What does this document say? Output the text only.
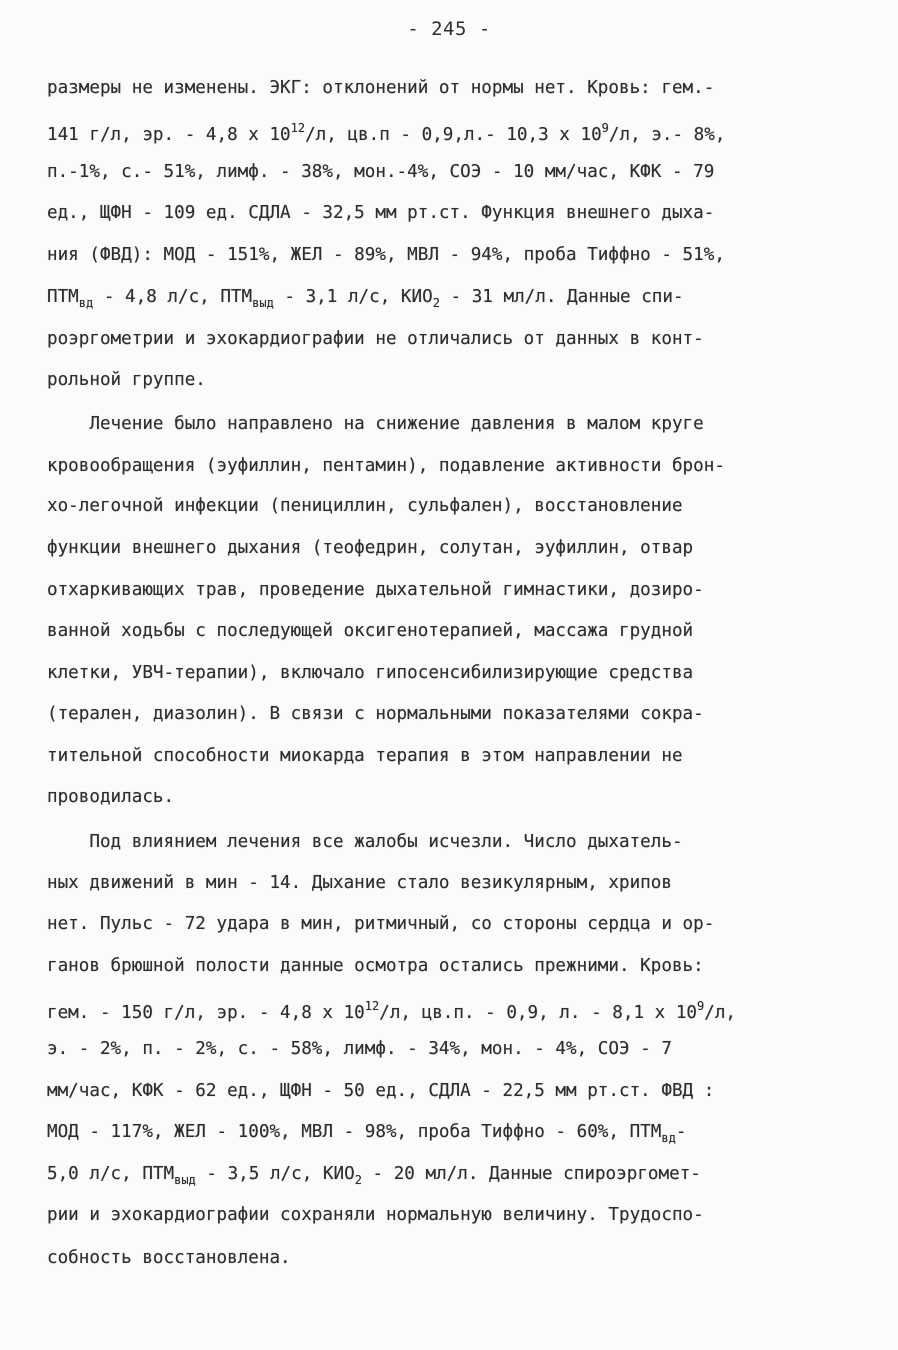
- 245 -
размеры не изменены. ЭКГ: отклонений от нормы нет. Кровь: гем.-
141 г/л, эр. - 4,8 x $10^{12}/л$, цв.п - 0,9,л.- 10,3 x $10^9/л$, э.- 8%,
п.-1%, с.- 51%, лимф. - 38%, мон.-4%, СОЭ - 10 мм/час, КФК - 79
ед., ЩФН - 109 ед. СДЛА - 32,5 мм рт.ст. Функция внешнего дыха-
ния (ФВД): МОД - 151%, ЖЕЛ - 89%, МВЛ - 94%, проба Тиффно - 51%,
$ПТМ_{вд} - 4,8$ л/с, $ПТМ_{выд} - 3,1$ л/с, $КИО_2 - 31$ мл/л. Данные спи-
роэргометрии и эхокардиографии не отличались от данных в конт-
рольной группе.
Лечение было направлено на снижение давления в малом круге
кровообращения (эуфиллин, пентамин), подавление активности брон-
хо-легочной инфекции (пенициллин, сульфален), восстановление
функции внешнего дыхания (теофедрин, солутан, эуфиллин, отвар
отхаркивающих трав, проведение дыхательной гимнастики, дозиро-
ванной ходьбы с последующей оксигенотерапией, массажа грудной
клетки, УВЧ-терапии), включало гипосенсибилизирующие средства
(терален, диазолин). В связи с нормальными показателями сокра-
тительной способности миокарда терапия в этом направлении не
проводилась.
Под влиянием лечения все жалобы исчезли. Число дыхатель-
ных движений в мин - 14. Дыхание стало везикулярным, хрипов
нет. Пульс - 72 удара в мин, ритмичный, со стороны сердца и ор-
ганов брюшной полости данные осмотра остались прежними. Кровь:
гем. - 150 г/л, эр. - 4,8 x $10^{12}/л$, цв.п. - 0,9, л. - 8,1 x $10^9/л$,
э. - 2%, п. - 2%, с. - 58%, лимф. - 34%, мон. - 4%, СОЭ - 7
мм/час, КФК - 62 ед., ЩФН - 50 ед., СДЛА - 22,5 мм рт.ст. ФВД :
МОД - 117%, ЖЕЛ - 100%, МВЛ - 98%, проба Тиффно - 60%, $ПТМ_{вд}-$
5,0 л/с, $ПТМ_{выд} - 3,5$ л/с, $КИО_2 - 20$ мл/л. Данные спироэргомет-
рии и эхокардиографии сохраняли нормальную величину. Трудоспо-
собность восстановлена.
